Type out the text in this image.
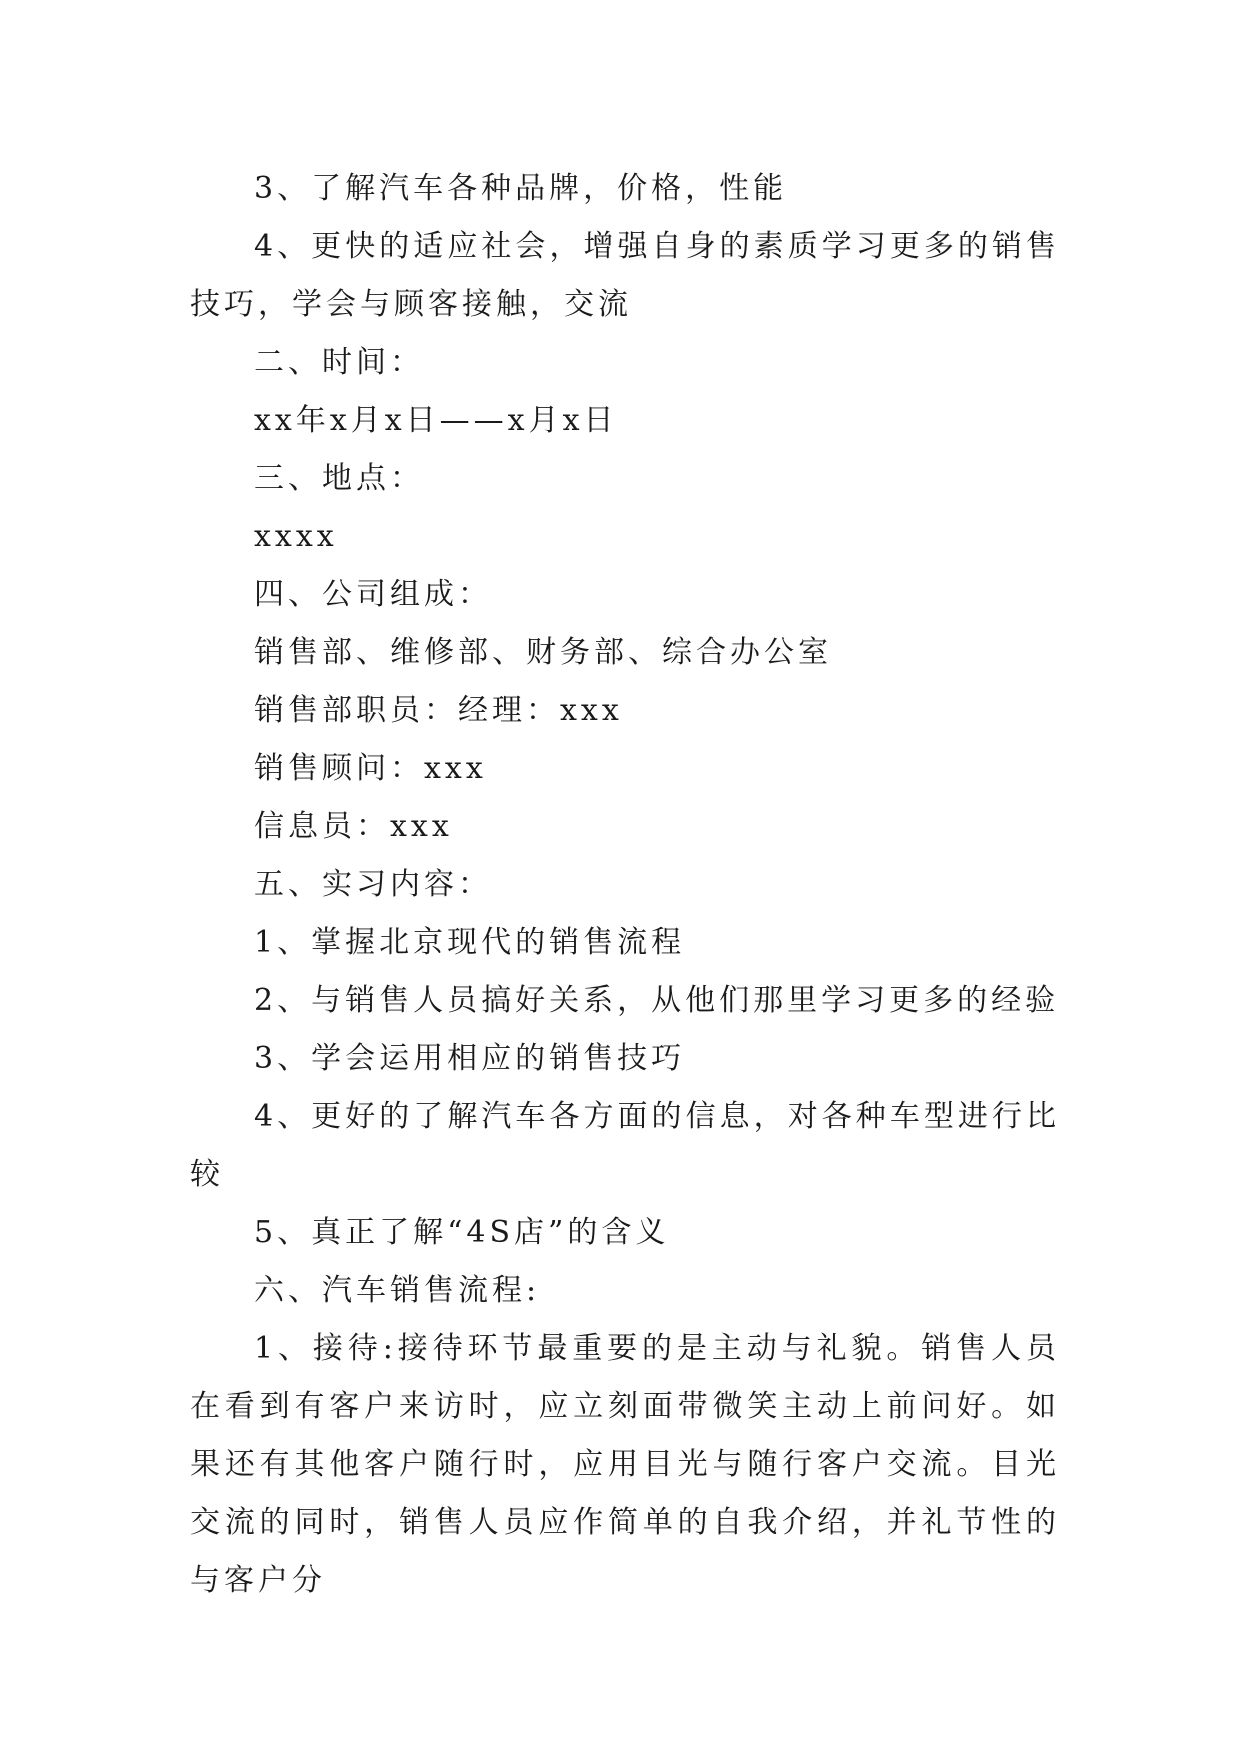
3、了解汽车各种品牌，价格，性能

4、更快的适应社会，增强自身的素质学习更多的销售技巧，学会与顾客接触，交流

二、时间：

xx年x月x日——x月x日

三、地点：

xxxx

四、公司组成：

销售部、维修部、财务部、综合办公室

销售部职员：经理：xxx

销售顾问：xxx

信息员：xxx

五、实习内容：

1、掌握北京现代的销售流程

2、与销售人员搞好关系，从他们那里学习更多的经验

3、学会运用相应的销售技巧

4、更好的了解汽车各方面的信息，对各种车型进行比较

5、真正了解“4S店”的含义

六、汽车销售流程:

1、接待:接待环节最重要的是主动与礼貌。销售人员在看到有客户来访时，应立刻面带微笑主动上前问好。如果还有其他客户随行时，应用目光与随行客户交流。目光交流的同时，销售人员应作简单的自我介绍，并礼节性的与客户分
